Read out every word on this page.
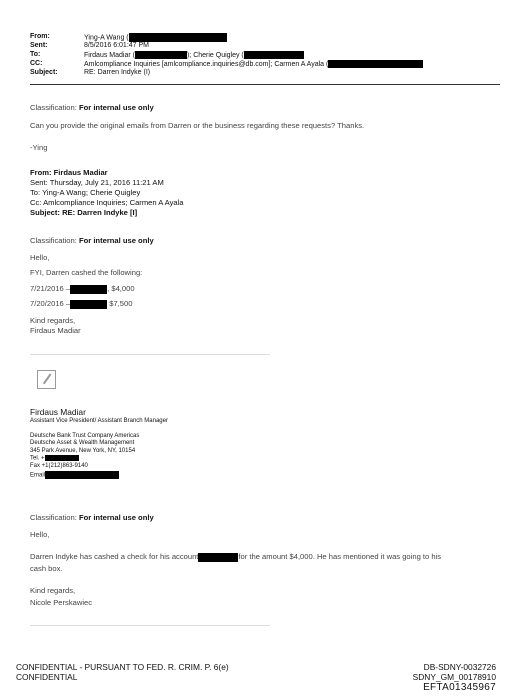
From:	Ying-A Wang (
Sent:	8/5/2016 6:01:47 PM
To:	Firdaus Madiar (	); Cherie Quigley (
CC:	Amlcompliance Inquiries [amlcompliance.inquiries@db.com]; Carmen A Ayala (
Subject:	RE: Darren Indyke (I)
Classification: For internal use only
Can you provide the original emails from Darren or the business regarding these requests? Thanks.
-Ying
From: Firdaus Madiar
Sent: Thursday, July 21, 2016 11:21 AM
To: Ying-A Wang; Cherie Quigley
Cc: Amlcompliance Inquiries; Carmen A Ayala
Subject: RE: Darren Indyke [I]
Classification: For internal use only
Hello,
FYI, Darren cashed the following:
7/21/2016 –	, $4,000
7/20/2016 –	$7,500
Kind regards,
Firdaus Madiar
Firdaus Madiar
Assistant Vice President/ Assistant Branch Manager
Deutsche Bank Trust Company Americas
Deutsche Asset & Wealth Management
345 Park Avenue, New York, NY, 10154
Tel. +
Fax +1(212)863-9140
Email
Classification: For internal use only
Hello,
Darren Indyke has cashed a check for his account	for the amount $4,000. He has mentioned it was going to his
cash box.
Kind regards,
Nicole Perskawiec
CONFIDENTIAL - PURSUANT TO FED. R. CRIM. P. 6(e)
CONFIDENTIAL
DB-SDNY-0032726
SDNY_GM_00178910
EFTA01345967
